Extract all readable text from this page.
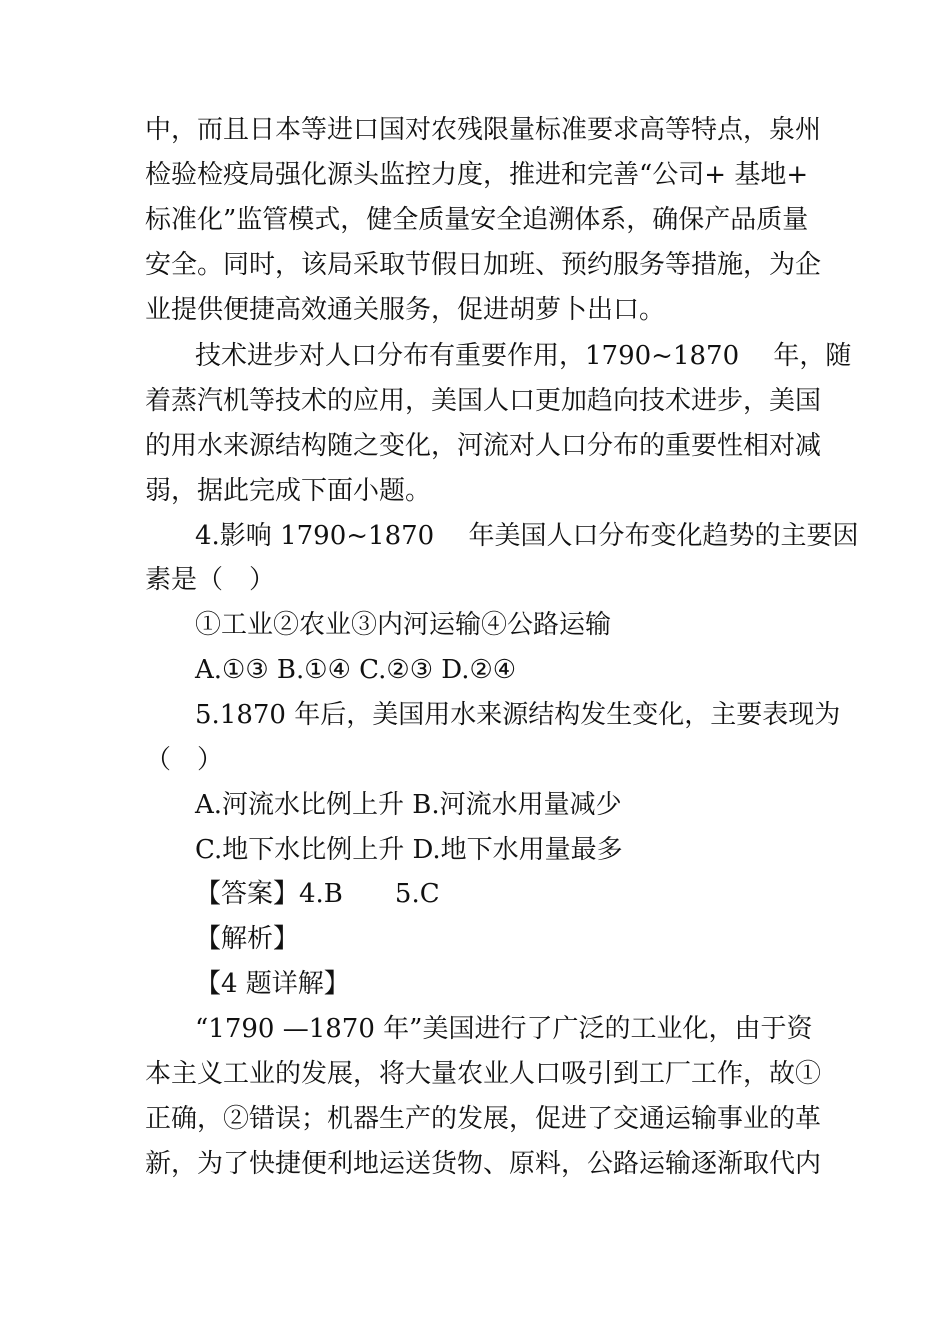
中，而且日本等进口国对农残限量标准要求高等特点，泉州
检验检疫局强化源头监控力度，推进和完善“公司+ 基地+
标准化”监管模式，健全质量安全追溯体系，确保产品质量
安全。同时，该局采取节假日加班、预约服务等措施，为企
业提供便捷高效通关服务，促进胡萝卜出口。
技术进步对人口分布有重要作用，1790~1870　 年，随
着蒸汽机等技术的应用，美国人口更加趋向技术进步，美国
的用水来源结构随之变化，河流对人口分布的重要性相对减
弱，据此完成下面小题。
4.影响 1790~1870　 年美国人口分布变化趋势的主要因
素是（　）
①工业②农业③内河运输④公路运输
A.①③ B.①④ C.②③ D.②④
5.1870 年后，美国用水来源结构发生变化，主要表现为
（　）
A.河流水比例上升 B.河流水用量减少
C.地下水比例上升 D.地下水用量最多
【答案】4.B　　5.C
【解析】
【4 题详解】
“1790 —1870 年”美国进行了广泛的工业化，由于资
本主义工业的发展，将大量农业人口吸引到工厂工作，故①
正确，②错误；机器生产的发展，促进了交通运输事业的革
新，为了快捷便利地运送货物、原料，公路运输逐渐取代内
